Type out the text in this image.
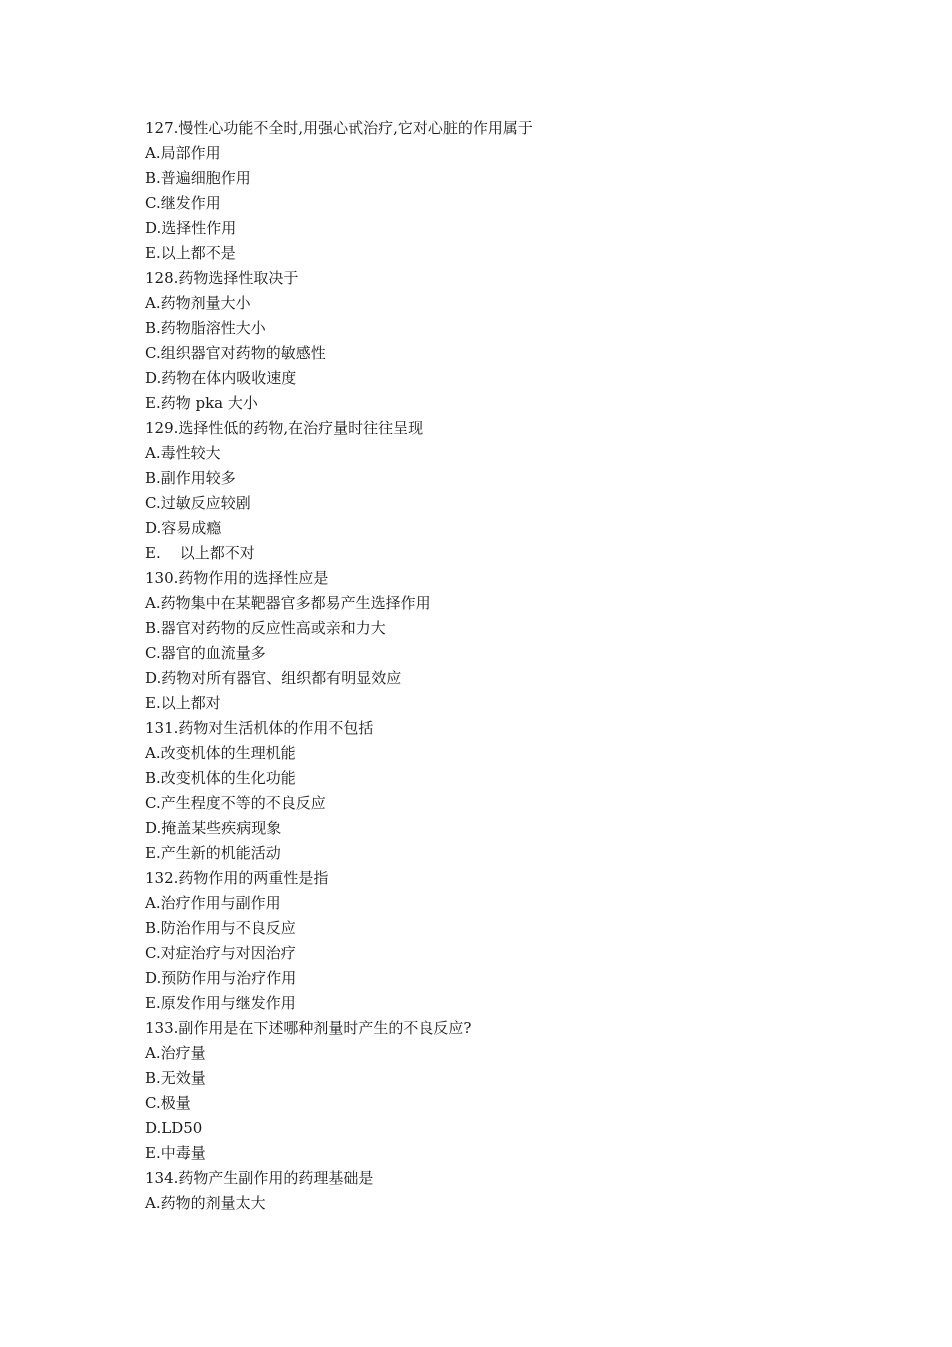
127.慢性心功能不全时,用强心甙治疗,它对心脏的作用属于
A.局部作用
B.普遍细胞作用
C.继发作用
D.选择性作用
E.以上都不是
128.药物选择性取决于
A.药物剂量大小
B.药物脂溶性大小
C.组织器官对药物的敏感性
D.药物在体内吸收速度
E.药物 pka 大小
129.选择性低的药物,在治疗量时往往呈现
A.毒性较大
B.副作用较多
C.过敏反应较剧
D.容易成瘾
E.    以上都不对
130.药物作用的选择性应是
A.药物集中在某靶器官多都易产生选择作用
B.器官对药物的反应性高或亲和力大
C.器官的血流量多
D.药物对所有器官、组织都有明显效应
E.以上都对
131.药物对生活机体的作用不包括
A.改变机体的生理机能
B.改变机体的生化功能
C.产生程度不等的不良反应
D.掩盖某些疾病现象
E.产生新的机能活动
132.药物作用的两重性是指
A.治疗作用与副作用
B.防治作用与不良反应
C.对症治疗与对因治疗
D.预防作用与治疗作用
E.原发作用与继发作用
133.副作用是在下述哪种剂量时产生的不良反应?
A.治疗量
B.无效量
C.极量
D.LD50
E.中毒量
134.药物产生副作用的药理基础是
A.药物的剂量太大
